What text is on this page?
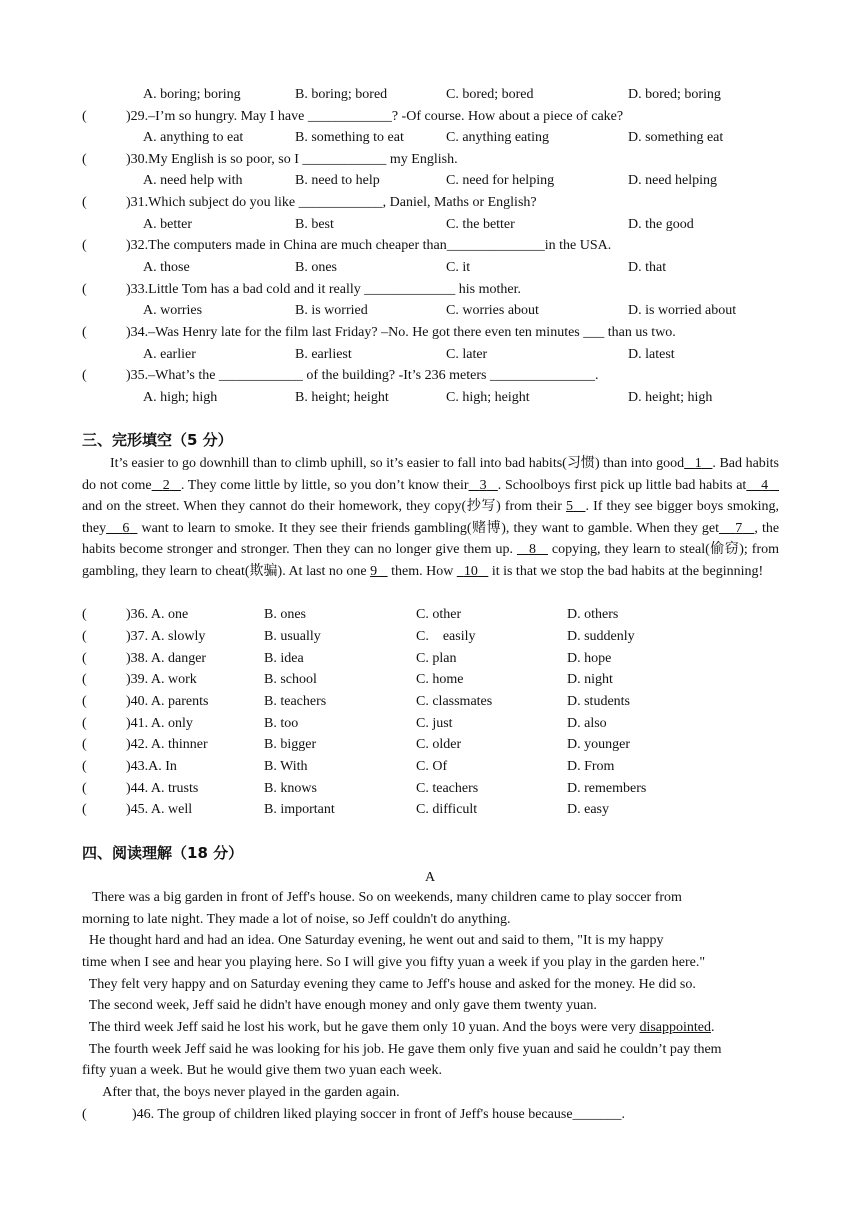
A. boring; boring	B. boring; bored	C. bored; bored	D. bored; boring
(	)29.–I’m so hungry. May I have ____________? -Of course. How about a piece of cake?
A. anything to eat	B. something to eat	C. anything eating	D. something eat
(	)30.My English is so poor, so I ____________ my English.
A. need help with	B. need to help	C. need for helping	D. need helping
(	)31.Which subject do you like ____________, Daniel, Maths or English?
A. better	B. best	C. the better	D. the good
(	)32.The computers made in China are much cheaper than______________in the USA.
A. those	B. ones	C. it	D. that
(	)33.Little Tom has a bad cold and it really _____________ his mother.
A. worries	B. is worried	C. worries about	D. is worried about
(	)34.–Was Henry late for the film last Friday? –No. He got there even ten minutes ___ than us two.
A. earlier	B. earliest	C. later	D. latest
(	)35.–What’s the ____________ of the building? -It’s 236 meters _______________.
A. high; high	B. height; height	C. high; height	D. height; high
三、完形填空（5 分）
It’s easier to go downhill than to climb uphill, so it’s easier to fall into bad habits(习惯) than into good 1 . Bad habits do not come 2 . They come little by little, so you don’t know their 3 . Schoolboys first pick up little bad habits at 4    and on the street. When they cannot do their homework, they copy(抄写) from their 5 . If they see bigger boys smoking, they 6   want to learn to smoke. It they see their friends gambling(赌博), they want to gamble. When they get 7 , the habits become stronger and stronger. Then they can no longer give them up.    8    copying, they learn to steal(偷窃); from gambling, they learn to cheat(欺骗). At last no one 9    them. How   10    it is that we stop the bad habits at the beginning!
(	)36. A. one	B. ones	C. other	D. others
(	)37. A. slowly	B. usually	C.    easily	D. suddenly
(	)38. A. danger	B. idea	C. plan	D. hope
(	)39. A. work	B. school	C. home	D. night
(	)40. A. parents	B. teachers	C. classmates	D. students
(	)41. A. only	B. too	C. just	D. also
(	)42. A. thinner	B. bigger	C. older	D. younger
(	)43.A. In	B. With	C. Of	D. From
(	)44. A. trusts	B. knows	C. teachers	D. remembers
(	)45. A. well	B. important	C. difficult	D. easy
四、阅读理解（18 分）
A
There was a big garden in front of Jeff's house. So on weekends, many children came to play soccer from
morning to late night. They made a lot of noise, so Jeff couldn't do anything.
He thought hard and had an idea. One Saturday evening, he went out and said to them, "It is my happy
time when I see and hear you playing here. So I will give you fifty yuan a week if you play in the garden here."
They felt very happy and on Saturday evening they came to Jeff's house and asked for the money. He did so.
The second week, Jeff said he didn't have enough money and only gave them twenty yuan.
The third week Jeff said he lost his work, but he gave them only 10 yuan. And the boys were very disappointed.
The fourth week Jeff said he was looking for his job. He gave them only five yuan and said he couldn’t pay them
fifty yuan a week. But he would give them two yuan each week.
After that, the boys never played in the garden again.
(	)46. The group of children liked playing soccer in front of Jeff's house because_______.
